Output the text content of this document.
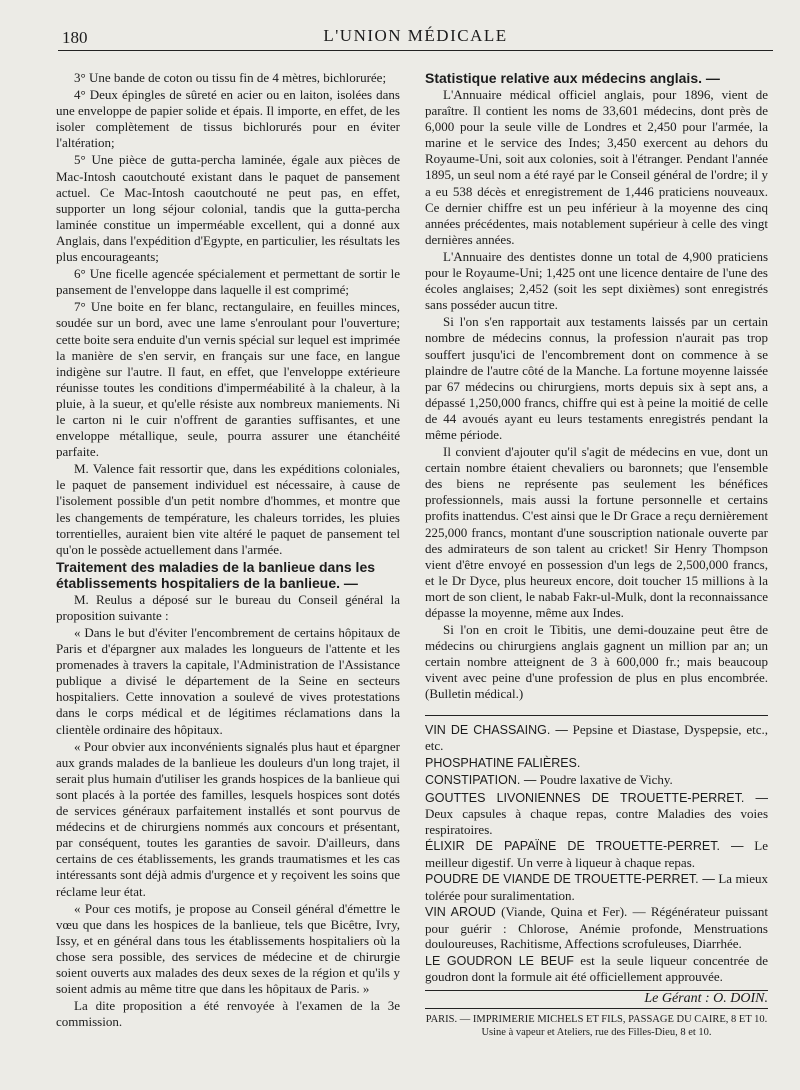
180	L'UNION MÉDICALE

3° Une bande de coton ou tissu fin de 4 mètres, bichlorurée;

4° Deux épingles de sûreté en acier ou en laiton, isolées dans une enveloppe de papier solide et épais. Il importe, en effet, de les isoler complètement de tissus bichlorurés pour en éviter l'altération;

5° Une pièce de gutta-percha laminée, égale aux pièces de Mac-Intosh caoutchouté existant dans le paquet de pansement actuel. Ce Mac-Intosh caoutchouté ne peut pas, en effet, supporter un long séjour colonial, tandis que la gutta-percha laminée constitue un imperméable excellent, qui a donné aux Anglais, dans l'expédition d'Egypte, en particulier, les résultats les plus encourageants;

6° Une ficelle agencée spécialement et permettant de sortir le pansement de l'enveloppe dans laquelle il est comprimé;

7° Une boite en fer blanc, rectangulaire, en feuilles minces, soudée sur un bord, avec une lame s'enroulant pour l'ouverture; cette boite sera enduite d'un vernis spécial sur lequel est imprimée la manière de s'en servir, en français sur une face, en langue indigène sur l'autre. Il faut, en effet, que l'enveloppe extérieure réunisse toutes les conditions d'imperméabilité à la chaleur, à la pluie, à la sueur, et qu'elle résiste aux nombreux maniements. Ni le carton ni le cuir n'offrent de garanties suffisantes, et une enveloppe métallique, seule, pourra assurer une étanchéité parfaite.

M. Valence fait ressortir que, dans les expéditions coloniales, le paquet de pansement individuel est nécessaire, à cause de l'isolement possible d'un petit nombre d'hommes, et montre que les changements de température, les chaleurs torrides, les pluies torrentielles, auraient bien vite altéré le paquet de pansement tel qu'on le possède actuellement dans l'armée.

Traitement des maladies de la banlieue dans les établissements hospitaliers de la banlieue. —

M. Reulus a déposé sur le bureau du Conseil général la proposition suivante :

« Dans le but d'éviter l'encombrement de certains hôpitaux de Paris et d'épargner aux malades les longueurs de l'attente et les promenades à travers la capitale, l'Administration de l'Assistance publique a divisé le département de la Seine en secteurs hospitaliers. Cette innovation a soulevé de vives protestations dans le corps médical et de légitimes réclamations dans la clientèle ordinaire des hôpitaux.

« Pour obvier aux inconvénients signalés plus haut et épargner aux grands malades de la banlieue les douleurs d'un long trajet, il serait plus humain d'utiliser les grands hospices de la banlieue qui sont placés à la portée des familles, lesquels hospices sont dotés de services généraux parfaitement installés et sont pourvus de médecins et de chirurgiens nommés aux concours et présentant, par conséquent, toutes les garanties de savoir. D'ailleurs, dans certains de ces établissements, les grands traumatismes et les cas intéressants sont déjà admis d'urgence et y reçoivent les soins que réclame leur état.

« Pour ces motifs, je propose au Conseil général d'émettre le vœu que dans les hospices de la banlieue, tels que Bicêtre, Ivry, Issy, et en général dans tous les établissements hospitaliers où la chose sera possible, des services de médecine et de chirurgie soient ouverts aux malades des deux sexes de la région et qu'ils y soient admis au même titre que dans les hôpitaux de Paris. »

La dite proposition a été renvoyée à l'examen de la 3e commission.

Statistique relative aux médecins anglais. —

L'Annuaire médical officiel anglais, pour 1896, vient de paraître. Il contient les noms de 33,601 médecins, dont près de 6,000 pour la seule ville de Londres et 2,450 pour l'armée, la marine et le service des Indes; 3,450 exercent au dehors du Royaume-Uni, soit aux colonies, soit à l'étranger. Pendant l'année 1895, un seul nom a été rayé par le Conseil général de l'ordre; il y a eu 538 décès et enregistrement de 1,446 praticiens nouveaux. Ce dernier chiffre est un peu inférieur à la moyenne des cinq années précédentes, mais notablement supérieur à celle des vingt dernières années.

L'Annuaire des dentistes donne un total de 4,900 praticiens pour le Royaume-Uni; 1,425 ont une licence dentaire de l'une des écoles anglaises; 2,452 (soit les sept dixièmes) sont enregistrés sans posséder aucun titre.

Si l'on s'en rapportait aux testaments laissés par un certain nombre de médecins connus, la profession n'aurait pas trop souffert jusqu'ici de l'encombrement dont on commence à se plaindre de l'autre côté de la Manche. La fortune moyenne laissée par 67 médecins ou chirurgiens, morts depuis six à sept ans, a dépassé 1,250,000 francs, chiffre qui est à peine la moitié de celle de 44 avoués ayant eu leurs testaments enregistrés pendant la même période.

Il convient d'ajouter qu'il s'agit de médecins en vue, dont un certain nombre étaient chevaliers ou baronnets; que l'ensemble des biens ne représente pas seulement les bénéfices professionnels, mais aussi la fortune personnelle et certains profits inattendus. C'est ainsi que le Dr Grace a reçu dernièrement 225,000 francs, montant d'une souscription nationale ouverte par des admirateurs de son talent au cricket! Sir Henry Thompson vient d'être envoyé en possession d'un legs de 2,500,000 francs, et le Dr Dyce, plus heureux encore, doit toucher 15 millions à la mort de son client, le nabab Fakr-ul-Mulk, dont la reconnaissance dépasse la moyenne, même aux Indes.

Si l'on en croit le Tibitis, une demi-douzaine peut être de médecins ou chirurgiens anglais gagnent un million par an; un certain nombre atteignent de 3 à 600,000 fr.; mais beaucoup vivent avec peine d'une profession de plus en plus encombrée. (Bulletin médical.)

VIN DE CHASSAING. — Pepsine et Diastase, Dyspepsie, etc., etc.

PHOSPHATINE FALIÈRES.

CONSTIPATION. — Poudre laxative de Vichy.

GOUTTES LIVONIENNES DE TROUETTE-PERRET. — Deux capsules à chaque repas, contre Maladies des voies respiratoires.

ÉLIXIR DE PAPAÏNE DE TROUETTE-PERRET. — Le meilleur digestif. Un verre à liqueur à chaque repas.

POUDRE DE VIANDE DE TROUETTE-PERRET. — La mieux tolérée pour suralimentation.

VIN AROUD (Viande, Quina et Fer). — Régénérateur puissant pour guérir : Chlorose, Anémie profonde, Menstruations douloureuses, Rachitisme, Affections scrofuleuses, Diarrhée.

LE GOUDRON LE BEUF est la seule liqueur concentrée de goudron dont la formule ait été officiellement approuvée.

Le Gérant : O. DOIN.

PARIS. — IMPRIMERIE MICHELS ET FILS, PASSAGE DU CAIRE, 8 ET 10.
Usine à vapeur et Ateliers, rue des Filles-Dieu, 8 et 10.
